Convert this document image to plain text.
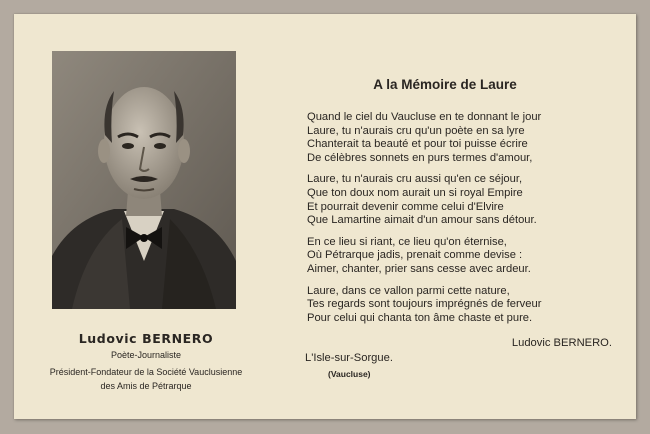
Ludovic BERNERO
Poète-Journaliste
Président-Fondateur de la Société Vauclusienne
des Amis de Pétrarque
A la Mémoire de Laure
Quand le ciel du Vaucluse en te donnant le jour
Laure, tu n'aurais cru qu'un poète en sa lyre
Chanterait ta beauté et pour toi puisse écrire
De célèbres sonnets en purs termes d'amour,
Laure, tu n'aurais cru aussi qu'en ce séjour,
Que ton doux nom aurait un si royal Empire
Et pourrait devenir comme celui d'Elvire
Que Lamartine aimait d'un amour sans détour.
En ce lieu si riant, ce lieu qu'on éternise,
Où Pétrarque jadis, prenait comme devise :
Aimer, chanter, prier sans cesse avec ardeur.
Laure, dans ce vallon parmi cette nature,
Tes regards sont toujours imprégnés de ferveur
Pour celui qui chanta ton âme chaste et pure.
Ludovic BERNERO.
L'Isle-sur-Sorgue.
(Vaucluse)
